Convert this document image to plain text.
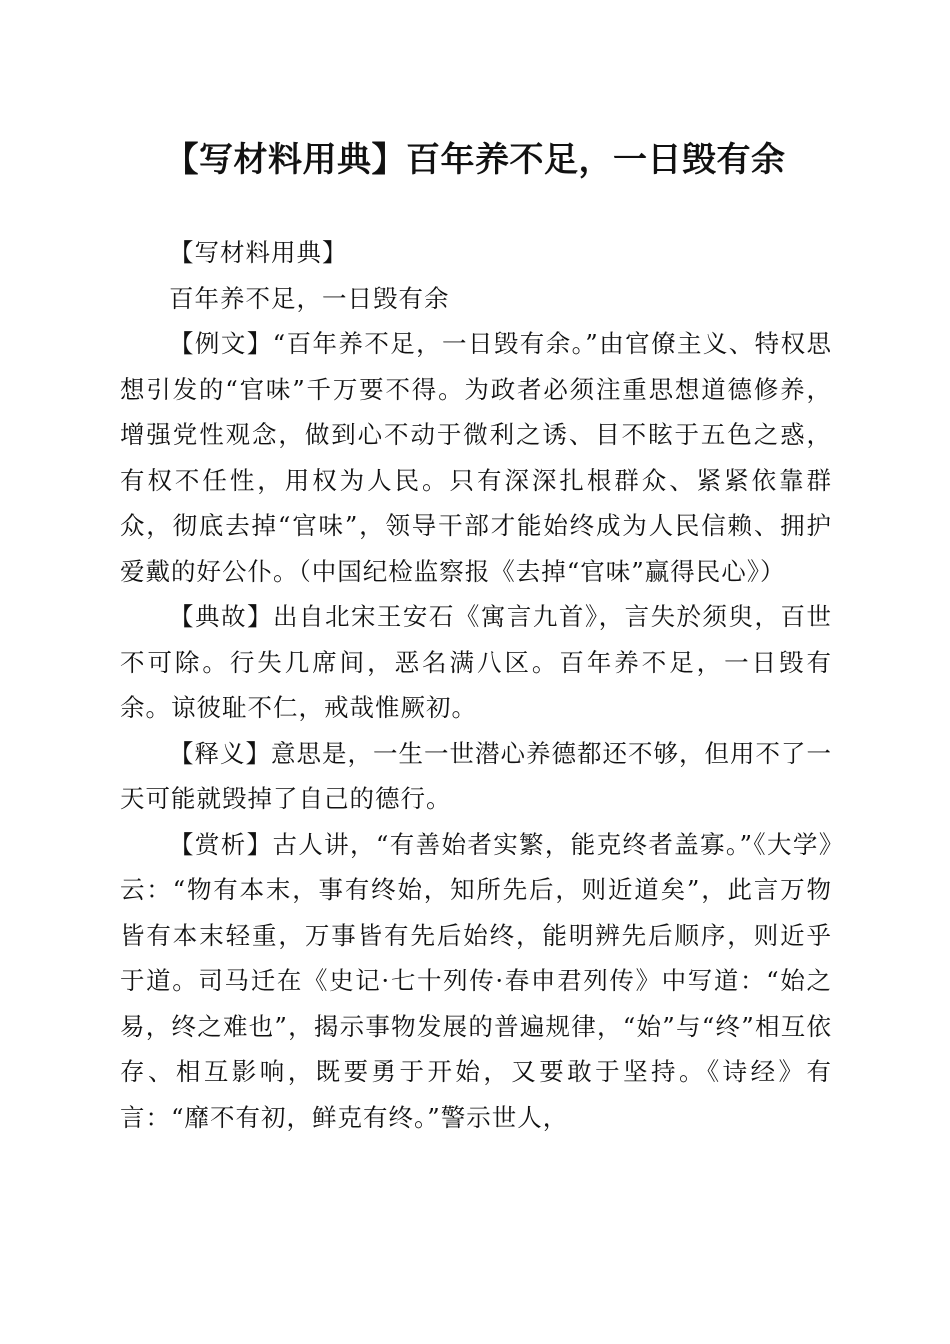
【写材料用典】百年养不足，一日毁有余

【写材料用典】

百年养不足，一日毁有余

【例文】“百年养不足，一日毁有余。”由官僚主义、特权思想引发的“官味”千万要不得。为政者必须注重思想道德修养，增强党性观念，做到心不动于微利之诱、目不眩于五色之惑，有权不任性，用权为人民。只有深深扎根群众、紧紧依靠群众，彻底去掉“官味”，领导干部才能始终成为人民信赖、拥护爱戴的好公仆。（中国纪检监察报《去掉“官味”赢得民心》）

【典故】出自北宋王安石《寓言九首》，言失於须臾，百世不可除。行失几席间，恶名满八区。百年养不足，一日毁有余。谅彼耻不仁，戒哉惟厥初。

【释义】意思是，一生一世潜心养德都还不够，但用不了一天可能就毁掉了自己的德行。

【赏析】古人讲，“有善始者实繁，能克终者盖寡。”《大学》云：“物有本末，事有终始，知所先后，则近道矣”，此言万物皆有本末轻重，万事皆有先后始终，能明辨先后顺序，则近乎于道。司马迁在《史记·七十列传·春申君列传》中写道：“始之易，终之难也”，揭示事物发展的普遍规律，“始”与“终”相互依存、相互影响，既要勇于开始，又要敢于坚持。《诗经》有言：“靡不有初，鲜克有终。”警示世人，
